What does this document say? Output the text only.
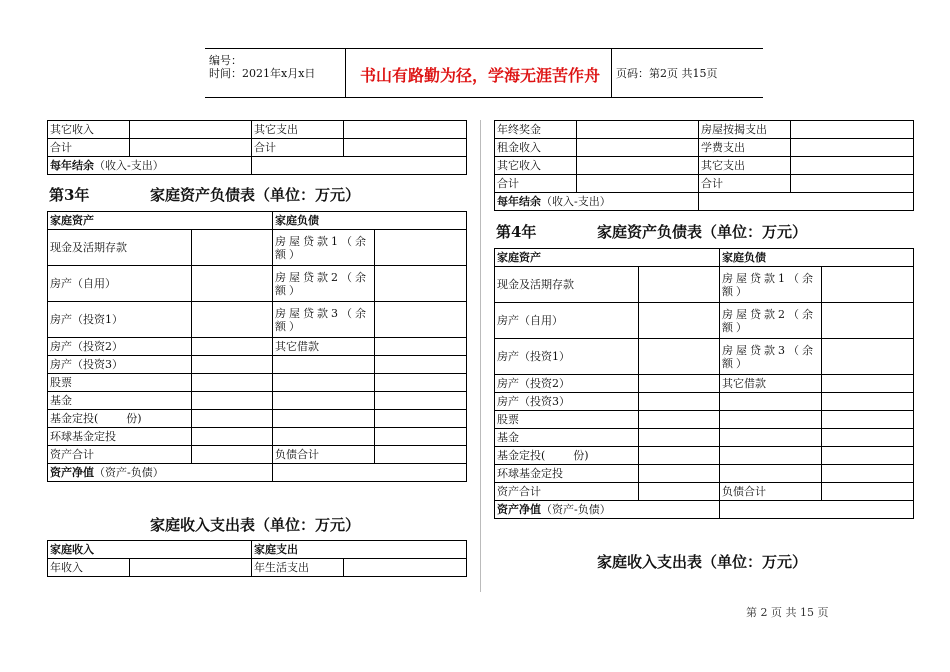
编号：
时间：2021年x月x日	书山有路勤为径，学海无涯苦作舟 页码：第2页 共15页
其它收入		其它支出	
合计		合计	
每年结余（收入-支出）			
第3年	家庭资产负债表（单位：万元）
家庭资产		家庭负债	
现金及活期存款		房屋贷款1（余额）	
房产（自用）		房屋贷款2（余额）	
房产（投资1）		房屋贷款3（余额）	
房产（投资2）		其它借款	
房产（投资3）			
股票			
基金			
基金定投(        份)			
环球基金定投			
资产合计		负债合计	
资产净值（资产-负债）			
家庭收入支出表（单位：万元）
家庭收入		家庭支出	
年收入		年生活支出	
年终奖金		房屋按揭支出	
租金收入		学费支出	
其它收入		其它支出	
合计		合计	
每年结余（收入-支出）			
第4年	家庭资产负债表（单位：万元）
家庭资产		家庭负债	
现金及活期存款		房屋贷款1（余额）	
房产（自用）		房屋贷款2（余额）	
房产（投资1）		房屋贷款3（余额）	
房产（投资2）		其它借款	
房产（投资3）			
股票			
基金			
基金定投(        份)			
环球基金定投			
资产合计		负债合计	
资产净值（资产-负债）			
家庭收入支出表（单位：万元）
第 2 页 共 15 页
